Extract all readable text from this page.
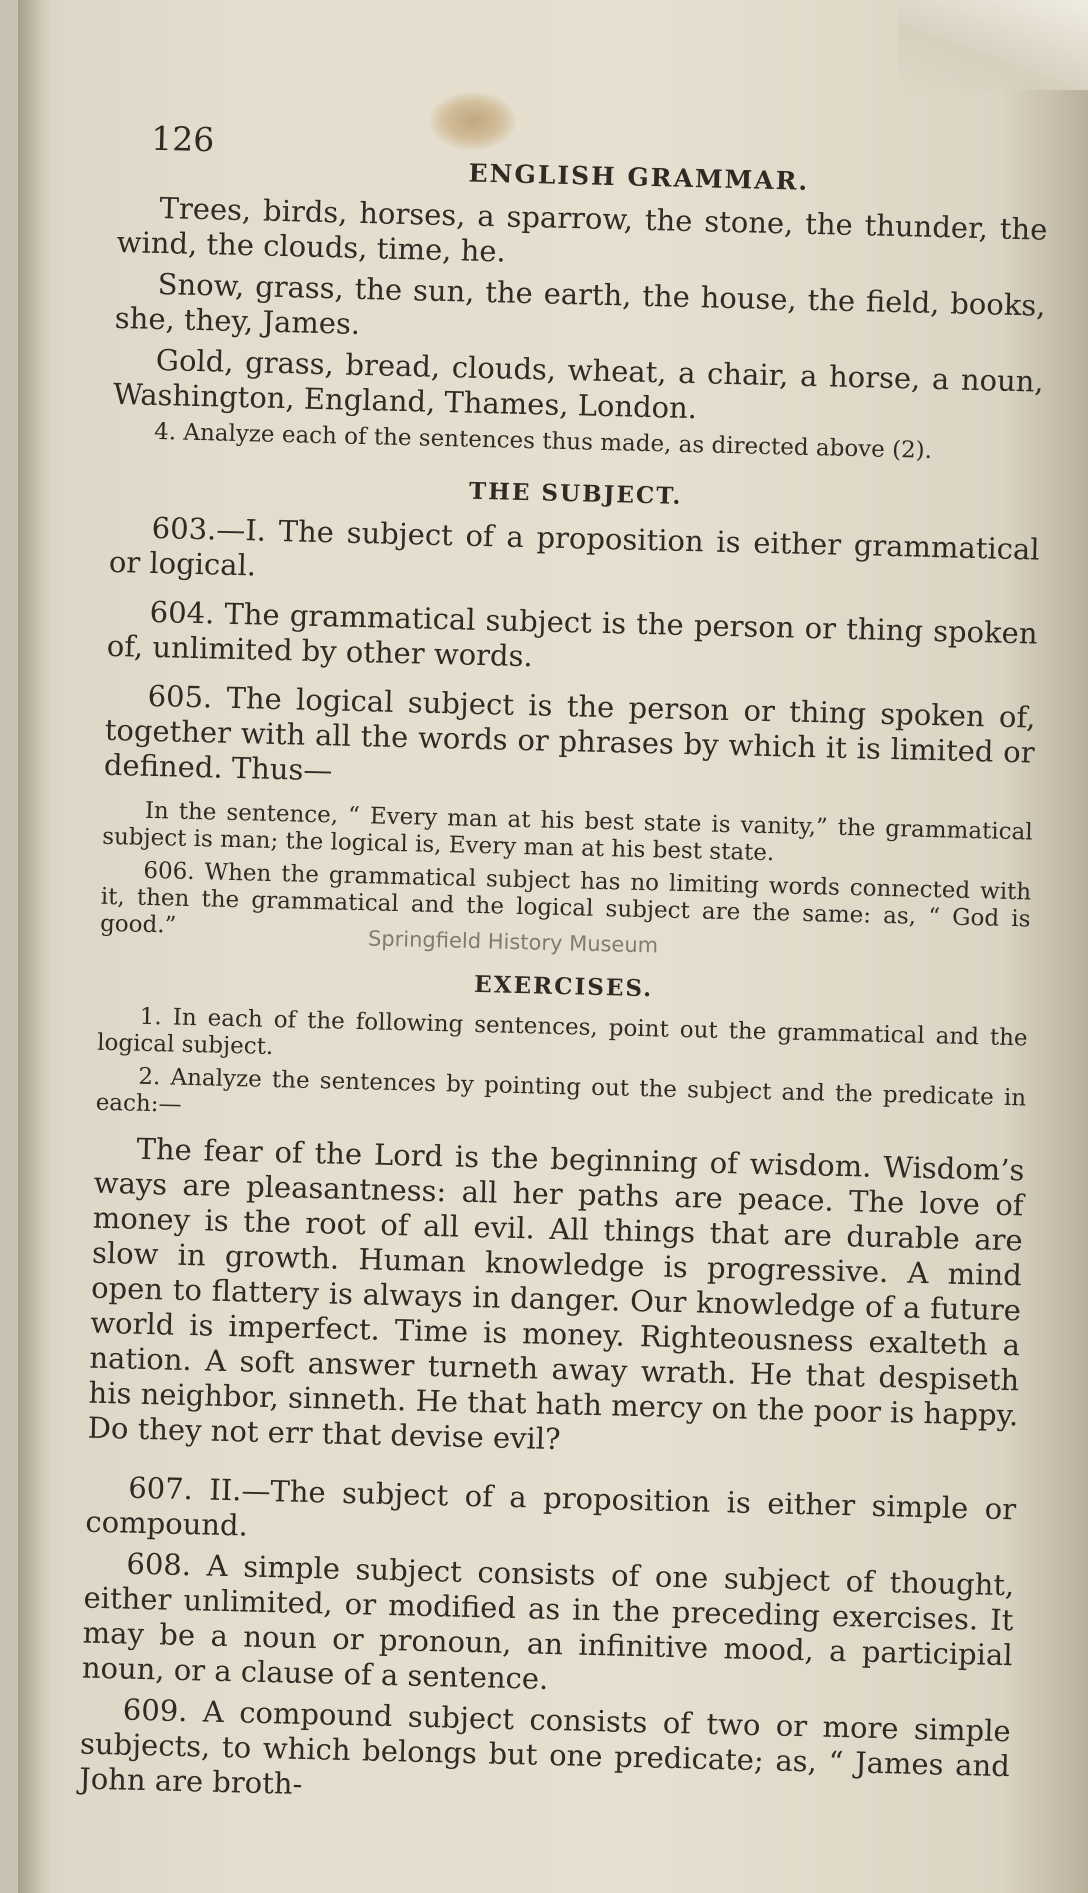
126
ENGLISH GRAMMAR.

Trees, birds, horses, a sparrow, the stone, the thunder, the wind, the clouds, time, he.

Snow, grass, the sun, the earth, the house, the field, books, she, they, James.

Gold, grass, bread, clouds, wheat, a chair, a horse, a noun, Washington, England, Thames, London.

4. Analyze each of the sentences thus made, as directed above (2).

THE SUBJECT.

603.—I. The subject of a proposition is either grammatical or logical.

604. The grammatical subject is the person or thing spoken of, unlimited by other words.

605. The logical subject is the person or thing spoken of, together with all the words or phrases by which it is limited or defined. Thus—

In the sentence, “ Every man at his best state is vanity,” the grammatical subject is man; the logical is, Every man at his best state.

606. When the grammatical subject has no limiting words connected with it, then the grammatical and the logical subject are the same: as, “ God is good.”

EXERCISES.

1. In each of the following sentences, point out the grammatical and the logical subject.

2. Analyze the sentences by pointing out the subject and the predicate in each:—

The fear of the Lord is the beginning of wisdom. Wisdom’s ways are pleasantness: all her paths are peace. The love of money is the root of all evil. All things that are durable are slow in growth. Human knowledge is progressive. A mind open to flattery is always in danger. Our knowledge of a future world is imperfect. Time is money. Righteousness exalteth a nation. A soft answer turneth away wrath. He that despiseth his neighbor, sinneth. He that hath mercy on the poor is happy. Do they not err that devise evil?

607. II.—The subject of a proposition is either simple or compound.

608. A simple subject consists of one subject of thought, either unlimited, or modified as in the preceding exercises. It may be a noun or pronoun, an infinitive mood, a participial noun, or a clause of a sentence.

609. A compound subject consists of two or more simple subjects, to which belongs but one predicate; as, “ James and John are broth-

Springfield History Museum
